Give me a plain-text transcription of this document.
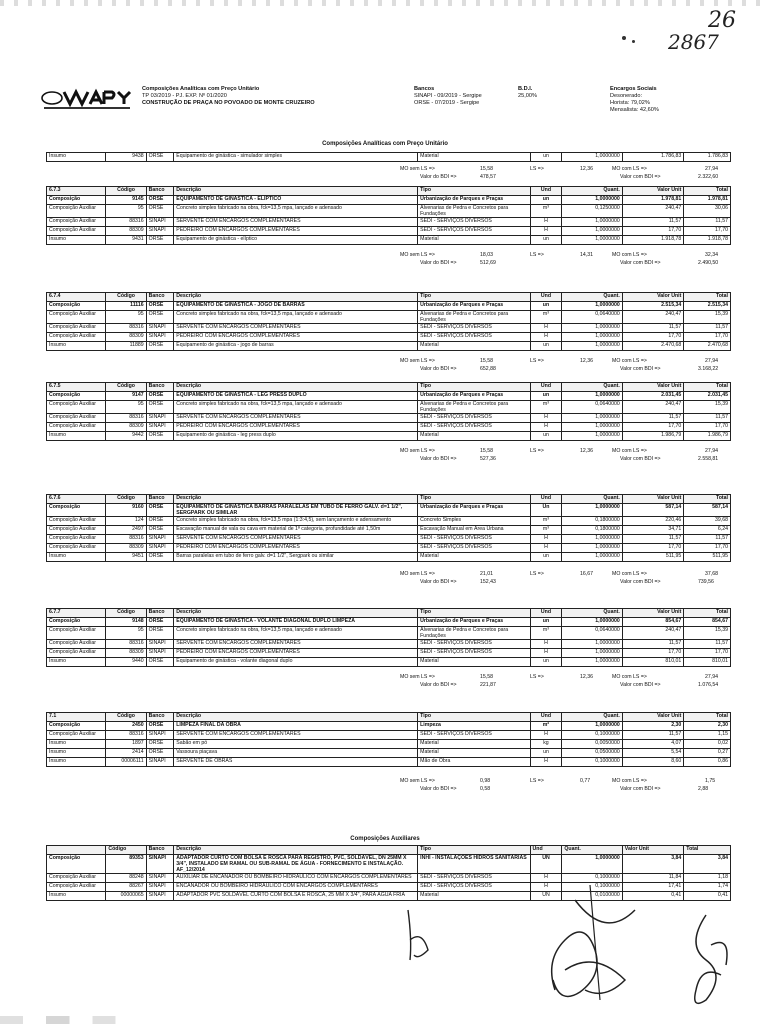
2867
26
Composições Analíticas com Preço Unitário
TP 03/2019 - PJ. EXP. Nº 01/2020
CONSTRUÇÃO DE PRAÇA NO POVOADO DE MONTE CRUZEIRO
Bancos
SINAPI - 09/2019 - Sergipe
ORSE - 07/2019 - Sergipe
B.D.I.
25,00%
Encargos Sociais
Desonerado:
Horista: 79,02%
Mensalista: 42,60%
Composições Analíticas com Preço Unitário
Insumo	9438	ORSE	Equipamento de ginástica - simulador simples	Material	un	1,0000000	1.786,83	1.786,83
MO sem LS =>	15,58	LS =>	12,36	MO com LS =>	27,94
Valor do BDI =>	478,57	Valor com BDI =>	2.322,60
6.7.3	Código	Banco	Descrição	Tipo	Und	Quant.	Valor Unit	Total
Composição	9145	ORSE	EQUIPAMENTO DE GINÁSTICA - ELÍPTICO	Urbanização de Parques e Praças	un	1,0000000	1.978,81	1.978,81
Composição Auxiliar	95	ORSE	Concreto simples fabricado na obra, fck=13,5 mpa, lançado e adensado	Alvenarias de Pedra e Concretos para Fundações	m³	0,1250000	240,47	30,06
Composição Auxiliar	88316	SINAPI	SERVENTE COM ENCARGOS COMPLEMENTARES	SEDI - SERVIÇOS DIVERSOS	H	1,0000000	11,57	11,57
Composição Auxiliar	88309	SINAPI	PEDREIRO COM ENCARGOS COMPLEMENTARES	SEDI - SERVIÇOS DIVERSOS	H	1,0000000	17,70	17,70
Insumo	9431	ORSE	Equipamento de ginástica - elíptico	Material	un	1,0000000	1.918,78	1.918,78
MO sem LS =>	18,03	LS =>	14,31	MO com LS =>	32,34
Valor do BDI =>	512,69	Valor com BDI =>	2.490,50
6.7.4	Código	Banco	Descrição	Tipo	Und	Quant.	Valor Unit	Total
Composição	11116	ORSE	EQUIPAMENTO DE GINÁSTICA - JOGO DE BARRAS	Urbanização de Parques e Praças	un	1,0000000	2.515,34	2.515,34
Composição Auxiliar	95	ORSE	Concreto simples fabricado na obra, fck=13,5 mpa, lançado e adensado	Alvenarias de Pedra e Concretos para Fundações	m³	0,0640000	240,47	15,39
Composição Auxiliar	88316	SINAPI	SERVENTE COM ENCARGOS COMPLEMENTARES	SEDI - SERVIÇOS DIVERSOS	H	1,0000000	11,57	11,57
Composição Auxiliar	88309	SINAPI	PEDREIRO COM ENCARGOS COMPLEMENTARES	SEDI - SERVIÇOS DIVERSOS	H	1,0000000	17,70	17,70
Insumo	11889	ORSE	Equipamento de ginástica - jogo de barras	Material	un	1,0000000	2.470,68	2.470,68
MO sem LS =>	15,58	LS =>	12,36	MO com LS =>	27,94
Valor do BDI =>	652,88	Valor com BDI =>	3.168,22
6.7.5	Código	Banco	Descrição	Tipo	Und	Quant.	Valor Unit	Total
Composição	9147	ORSE	EQUIPAMENTO DE GINÁSTICA - LEG PRESS DUPLO	Urbanização de Parques e Praças	un	1,0000000	2.031,45	2.031,45
Composição Auxiliar	95	ORSE	Concreto simples fabricado na obra, fck=13,5 mpa, lançado e adensado	Alvenarias de Pedra e Concretos para Fundações	m³	0,0640000	240,47	15,39
Composição Auxiliar	88316	SINAPI	SERVENTE COM ENCARGOS COMPLEMENTARES	SEDI - SERVIÇOS DIVERSOS	H	1,0000000	11,57	11,57
Composição Auxiliar	88309	SINAPI	PEDREIRO COM ENCARGOS COMPLEMENTARES	SEDI - SERVIÇOS DIVERSOS	H	1,0000000	17,70	17,70
Insumo	9442	ORSE	Equipamento de ginástica - leg press duplo	Material	un	1,0000000	1.986,79	1.986,79
MO sem LS =>	15,58	LS =>	12,36	MO com LS =>	27,94
Valor do BDI =>	527,36	Valor com BDI =>	2.558,81
6.7.6	Código	Banco	Descrição	Tipo	Und	Quant.	Valor Unit	Total
Composição	9160	ORSE	EQUIPAMENTO DE GINÁSTICA BARRAS PARALELAS EM TUBO DE FERRO GALV. d=1 1/2", SERGPARK OU SIMILAR	Urbanização de Parques e Praças	Un	1,0000000	587,14	587,14
Composição Auxiliar	124	ORSE	Concreto simples fabricado na obra, fck=13,5 mpa (1:3:4,5), sem lançamento e adensamento	Concreto Simples	m³	0,1800000	220,46	39,68
Composição Auxiliar	2497	ORSE	Escavação manual de vala ou cava em material de 1ª categoria, profundidade até 1,50m	Escavação Manual em Área Urbana	m³	0,1800000	34,71	6,24
Composição Auxiliar	88316	SINAPI	SERVENTE COM ENCARGOS COMPLEMENTARES	SEDI - SERVIÇOS DIVERSOS	H	1,0000000	11,57	11,57
Composição Auxiliar	88309	SINAPI	PEDREIRO COM ENCARGOS COMPLEMENTARES	SEDI - SERVIÇOS DIVERSOS	H	1,0000000	17,70	17,70
Insumo	9451	ORSE	Barras paralelas em tubo de ferro galv. d=1 1/2", Sergpark ou similar	Material	un	1,0000000	511,95	511,95
MO sem LS =>	21,01	LS =>	16,67	MO com LS =>	37,68
Valor do BDI =>	152,43	Valor com BDI =>	739,56
6.7.7	Código	Banco	Descrição	Tipo	Und	Quant.	Valor Unit	Total
Composição	9148	ORSE	EQUIPAMENTO DE GINÁSTICA - VOLANTE DIAGONAL DUPLO LIMPEZA	Urbanização de Parques e Praças	un	1,0000000	854,67	854,67
Composição Auxiliar	95	ORSE	Concreto simples fabricado na obra, fck=13,5 mpa, lançado e adensado	Alvenarias de Pedra e Concretos para Fundações	m³	0,0640000	240,47	15,39
Composição Auxiliar	88316	SINAPI	SERVENTE COM ENCARGOS COMPLEMENTARES	SEDI - SERVIÇOS DIVERSOS	H	1,0000000	11,57	11,57
Composição Auxiliar	88309	SINAPI	PEDREIRO COM ENCARGOS COMPLEMENTARES	SEDI - SERVIÇOS DIVERSOS	H	1,0000000	17,70	17,70
Insumo	9440	ORSE	Equipamento de ginástica - volante diagonal duplo	Material	un	1,0000000	810,01	810,01
MO sem LS =>	15,58	LS =>	12,36	MO com LS =>	27,94
Valor do BDI =>	221,87	Valor com BDI =>	1.076,54
7.1	Código	Banco	Descrição	Tipo	Und	Quant.	Valor Unit	Total
Composição	2450	ORSE	LIMPEZA FINAL DA OBRA	Limpeza	m²	1,0000000	2,30	2,30
Composição Auxiliar	88316	SINAPI	SERVENTE COM ENCARGOS COMPLEMENTARES	SEDI - SERVIÇOS DIVERSOS	H	0,1000000	11,57	1,15
Insumo	1897	ORSE	Sabão em pó	Material	kg	0,0050000	4,07	0,02
Insumo	2414	ORSE	Vassoura piaçava	Material	un	0,0500000	5,54	0,27
Insumo	00006111	SINAPI	SERVENTE DE OBRAS	Mão de Obra	H	0,1000000	8,60	0,86
MO sem LS =>	0,98	LS =>	0,77	MO com LS =>	1,75
Valor do BDI =>	0,58	Valor com BDI =>	2,88
Composições Auxiliares
	Código	Banco	Descrição	Tipo	Und	Quant.	Valor Unit	Total
Composição	89353	SINAPI	ADAPTADOR CURTO COM BOLSA E ROSCA PARA REGISTRO, PVC, SOLDÁVEL, DN 25MM X 3/4", INSTALADO EM RAMAL OU SUB-RAMAL DE ÁGUA - FORNECIMENTO E INSTALAÇÃO. AF_12/2014	INHI - INSTALAÇÕES HIDROS SANITÁRIAS	UN	1,0000000	3,84	3,84
Composição Auxiliar	88248	SINAPI	AUXILIAR DE ENCANADOR OU BOMBEIRO HIDRÁULICO COM ENCARGOS COMPLEMENTARES	SEDI - SERVIÇOS DIVERSOS	H	0,1000000	11,84	1,18
Composição Auxiliar	88267	SINAPI	ENCANADOR OU BOMBEIRO HIDRÁULICO COM ENCARGOS COMPLEMENTARES	SEDI - SERVIÇOS DIVERSOS	H	0,1000000	17,41	1,74
Insumo	00000065	SINAPI	ADAPTADOR PVC SOLDÁVEL CURTO COM BOLSA E ROSCA, 25 MM X 3/4", PARA ÁGUA FRIA	Material	UN	0,0100000	0,41	0,41
